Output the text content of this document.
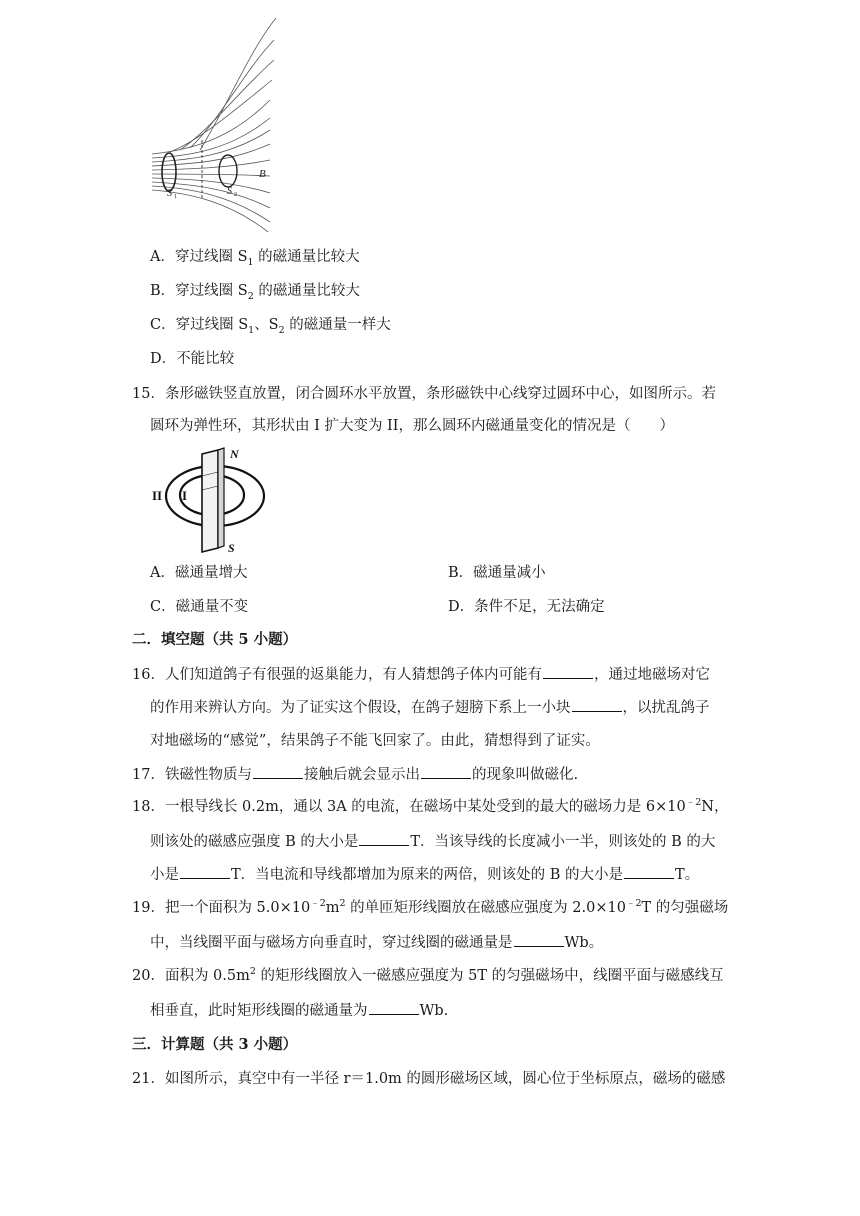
S 1	S 2
B
A．穿过线圈 $S_1$ 的磁通量比较大
B．穿过线圈 $S_2$ 的磁通量比较大
C．穿过线圈 $S_1$、$S_2$ 的磁通量一样大
D．不能比较
15．条形磁铁竖直放置，闭合圆环水平放置，条形磁铁中心线穿过圆环中心，如图所示。若
圆环为弹性环，其形状由 I 扩大变为 II，那么圆环内磁通量变化的情况是（　　）
N
S
II I
A．磁通量增大	B．磁通量减小
C．磁通量不变	D．条件不足，无法确定
二．填空题（共 5 小题）
16．人们知道鸽子有很强的返巢能力，有人猜想鸽子体内可能有	，通过地磁场对它
的作用来辨认方向。为了证实这个假设，在鸽子翅膀下系上一小块	，以扰乱鸽子
对地磁场的“感觉”，结果鸽子不能飞回家了。由此，猜想得到了证实。
17．铁磁性物质与	接触后就会显示出	的现象叫做磁化.
18．一根导线长 0.2m，通以 3A 的电流，在磁场中某处受到的最大的磁场力是 $6\times 10^{﹣2}N$，
则该处的磁感应强度 B 的大小是	T．当该导线的长度减小一半，则该处的 B 的大
小是	T．当电流和导线都增加为原来的两倍，则该处的 B 的大小是	T。
19．把一个面积为 $5.0\times 10^{﹣2}m^2$ 的单匝矩形线圈放在磁感应强度为 $2.0\times 10^{﹣2}T$ 的匀强磁场
中，当线圈平面与磁场方向垂直时，穿过线圈的磁通量是	Wb。
20．面积为 $0.5m^2$ 的矩形线圈放入一磁感应强度为 5T 的匀强磁场中，线圈平面与磁感线互
相垂直，此时矩形线圈的磁通量为	Wb.
三．计算题（共 3 小题）
21．如图所示，真空中有一半径 r＝1.0m 的圆形磁场区域，圆心位于坐标原点，磁场的磁感
